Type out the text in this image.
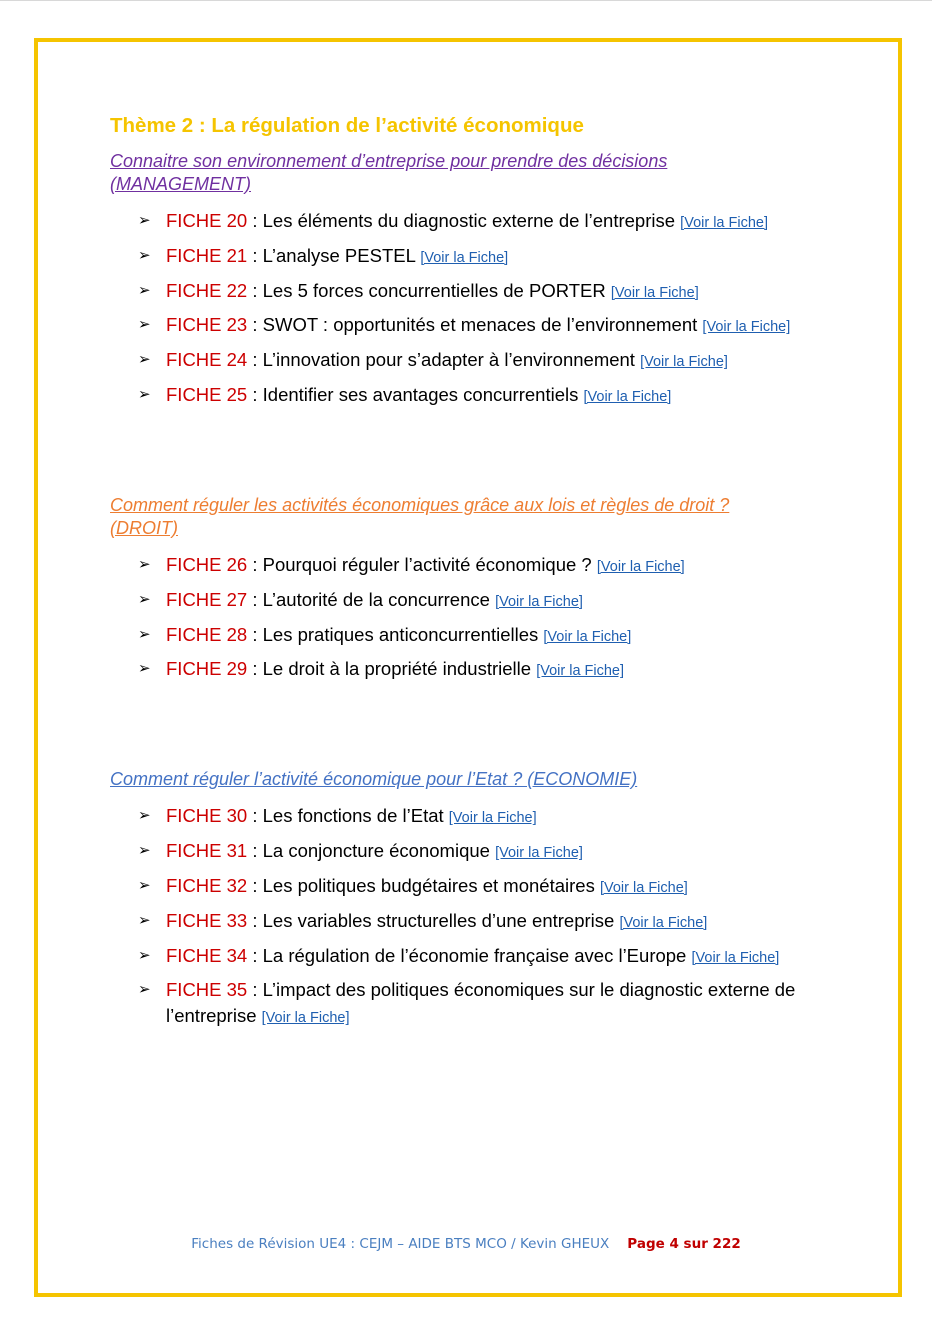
Thème 2 : La régulation de l’activité économique

Connaitre son environnement d’entreprise pour prendre des décisions
(MANAGEMENT)

➢ FICHE 20 : Les éléments du diagnostic externe de l’entreprise [Voir la Fiche]
➢ FICHE 21 : L’analyse PESTEL [Voir la Fiche]
➢ FICHE 22 : Les 5 forces concurrentielles de PORTER [Voir la Fiche]
➢ FICHE 23 : SWOT : opportunités et menaces de l’environnement [Voir la Fiche]
➢ FICHE 24 : L’innovation pour s’adapter à l’environnement [Voir la Fiche]
➢ FICHE 25 : Identifier ses avantages concurrentiels [Voir la Fiche]

Comment réguler les activités économiques grâce aux lois et règles de droit ?
(DROIT)

➢ FICHE 26 : Pourquoi réguler l’activité économique ? [Voir la Fiche]
➢ FICHE 27 : L’autorité de la concurrence [Voir la Fiche]
➢ FICHE 28 : Les pratiques anticoncurrentielles [Voir la Fiche]
➢ FICHE 29 : Le droit à la propriété industrielle [Voir la Fiche]

Comment réguler l’activité économique pour l’Etat ? (ECONOMIE)

➢ FICHE 30 : Les fonctions de l’Etat [Voir la Fiche]
➢ FICHE 31 : La conjoncture économique [Voir la Fiche]
➢ FICHE 32 : Les politiques budgétaires et monétaires [Voir la Fiche]
➢ FICHE 33 : Les variables structurelles d’une entreprise [Voir la Fiche]
➢ FICHE 34 : La régulation de l’économie française avec l’Europe [Voir la Fiche]
➢ FICHE 35 : L’impact des politiques économiques sur le diagnostic externe de l’entreprise [Voir la Fiche]
Fiches de Révision UE4 : CEJM – AIDE BTS MCO / Kevin GHEUX Page 4 sur 222
